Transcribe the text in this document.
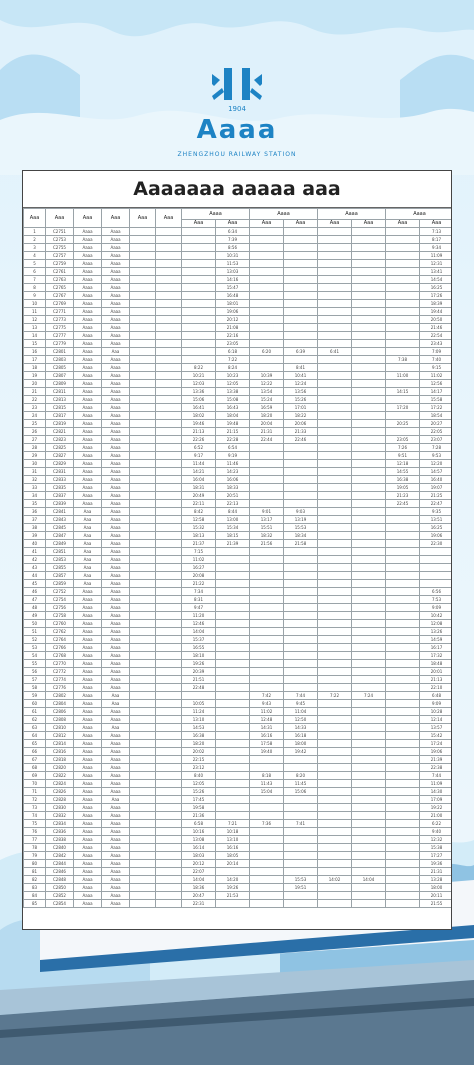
1904
Aaaa
ZHENGZHOU RAILWAY STATION
Aaaaaaa aaaaa aaa
Aaa	Aaa	Aaa	Aaa	Aaa	Aaa	Aaaa		Aaaa		Aaaa		Aaaa	
						Aaa	Aaa	Aaa	Aaa	Aaa	Aaa	Aaa	Aaa
1	C2751	Aaaa	Aaaa				6:34						7:13
2	C2753	Aaaa	Aaaa				7:39						8:17
3	C2755	Aaaa	Aaaa				8:56						9:34
4	C2757	Aaaa	Aaaa				10:31						11:09
5	C2759	Aaaa	Aaaa				11:53						12:31
6	C2761	Aaaa	Aaaa				13:03						13:41
7	C2763	Aaaa	Aaaa				14:16						14:54
8	C2765	Aaaa	Aaaa				15:47						16:25
9	C2767	Aaaa	Aaaa				16:48						17:26
10	C2769	Aaaa	Aaaa				18:01						18:39
11	C2771	Aaaa	Aaaa				19:06						19:44
12	C2773	Aaaa	Aaaa				20:12						20:50
13	C2775	Aaaa	Aaaa				21:08						21:46
14	C2777	Aaaa	Aaaa				22:16						22:54
15	C2779	Aaaa	Aaaa				23:05						23:43
16	C2801	Aaaa	Aaa				6:18	6:20	6:39	6:41			7:09
17	C2803	Aaaa	Aaaa				7:22					7:38	7:40
18	C2805	Aaaa	Aaaa			8:22	8:24		8:41				9:15
19	C2807	Aaaa	Aaaa			10:21	10:23	10:39	10:41			11:00	11:02
20	C2809	Aaaa	Aaaa			12:03	12:05	12:22	12:24				12:56
21	C2811	Aaaa	Aaaa			13:36	13:38	13:54	13:56			14:15	14:17
22	C2813	Aaaa	Aaaa			15:06	15:08	15:24	15:26				15:58
23	C2815	Aaaa	Aaaa			16:41	16:43	16:59	17:01			17:20	17:22
24	C2817	Aaaa	Aaaa			18:02	18:04	18:20	18:22				18:54
25	C2819	Aaaa	Aaaa			19:46	19:48	20:04	20:06			20:25	20:27
26	C2821	Aaaa	Aaaa			21:13	21:15	21:31	21:33				22:05
27	C2823	Aaaa	Aaaa			22:26	22:28	22:44	22:46			23:05	23:07
28	C2825	Aaaa	Aaaa			6:52	6:54					7:26	7:28
29	C2827	Aaaa	Aaaa			9:17	9:19					9:51	9:53
30	C2829	Aaaa	Aaaa			11:44	11:46					12:18	12:20
31	C2831	Aaaa	Aaaa			14:21	14:23					14:55	14:57
32	C2833	Aaaa	Aaaa			16:04	16:06					16:38	16:40
33	C2835	Aaaa	Aaaa			18:31	18:33					19:05	19:07
34	C2837	Aaaa	Aaaa			20:49	20:51					21:23	21:25
35	C2839	Aaaa	Aaaa			22:11	22:13					22:45	22:47
36	C2841	Aaa	Aaaa			8:42	8:44	9:01	9:03				9:35
37	C2843	Aaa	Aaaa			12:58	13:00	13:17	13:19				13:51
38	C2845	Aaa	Aaaa			15:32	15:34	15:51	15:53				16:25
39	C2847	Aaa	Aaaa			18:13	18:15	18:32	18:34				19:06
40	C2849	Aaa	Aaaa			21:37	21:39	21:56	21:58				22:30
41	C2851	Aaa	Aaaa			7:15							
42	C2853	Aaa	Aaaa			11:02							
43	C2855	Aaa	Aaaa			16:27							
44	C2857	Aaa	Aaaa			20:08							
45	C2859	Aaa	Aaaa			21:22							
46	C2752	Aaaa	Aaaa			7:34							6:56
47	C2754	Aaaa	Aaaa			8:31							7:53
48	C2756	Aaaa	Aaaa			9:47							9:09
49	C2758	Aaaa	Aaaa			11:20							10:42
50	C2760	Aaaa	Aaaa			12:46							12:08
51	C2762	Aaaa	Aaaa			14:04							13:26
52	C2764	Aaaa	Aaaa			15:37							14:59
53	C2766	Aaaa	Aaaa			16:55							16:17
54	C2768	Aaaa	Aaaa			18:10							17:32
55	C2770	Aaaa	Aaaa			19:26							18:48
56	C2772	Aaaa	Aaaa			20:39							20:01
57	C2774	Aaaa	Aaaa			21:51							21:13
58	C2776	Aaaa	Aaaa			22:48							22:10
59	C2802	Aaaa	Aaa					7:42	7:44	7:22	7:24		6:48
60	C2804	Aaaa	Aaa			10:05		9:43	9:45				9:09
61	C2806	Aaaa	Aaaa			11:24		11:02	11:04				10:28
62	C2808	Aaaa	Aaaa			13:10		12:48	12:50				12:14
63	C2810	Aaaa	Aaa			14:53		14:31	14:33				13:57
64	C2812	Aaaa	Aaaa			16:38		16:16	16:18				15:42
65	C2814	Aaaa	Aaaa			18:20		17:58	18:00				17:24
66	C2816	Aaaa	Aaaa			20:02		19:40	19:42				19:06
67	C2818	Aaaa	Aaaa			22:15							21:39
68	C2820	Aaaa	Aaaa			23:12							22:38
69	C2822	Aaaa	Aaaa			8:40		8:18	8:20				7:44
70	C2824	Aaaa	Aaaa			12:05		11:43	11:45				11:09
71	C2826	Aaaa	Aaaa			15:26		15:04	15:06				14:30
72	C2828	Aaaa	Aaa			17:45							17:09
73	C2830	Aaaa	Aaaa			19:58							19:22
74	C2832	Aaaa	Aaaa			21:36							21:00
75	C2834	Aaaa	Aaaa			6:58	7:21	7:36	7:41				6:22
76	C2836	Aaaa	Aaaa			10:16	10:18						9:40
77	C2838	Aaaa	Aaaa			13:08	13:10						12:32
78	C2840	Aaaa	Aaaa			16:14	16:16						15:38
79	C2842	Aaaa	Aaaa			18:03	18:05						17:27
80	C2844	Aaaa	Aaaa			20:12	20:14						19:36
81	C2846	Aaaa	Aaaa			22:07							21:31
82	C2848	Aaaa	Aaaa			14:04	14:20		15:53	14:02	14:04		13:28
83	C2850	Aaaa	Aaaa			18:36	19:26		19:51				18:00
84	C2852	Aaaa	Aaaa			20:47	21:53						20:11
85	C2854	Aaaa	Aaaa			22:31							21:55
